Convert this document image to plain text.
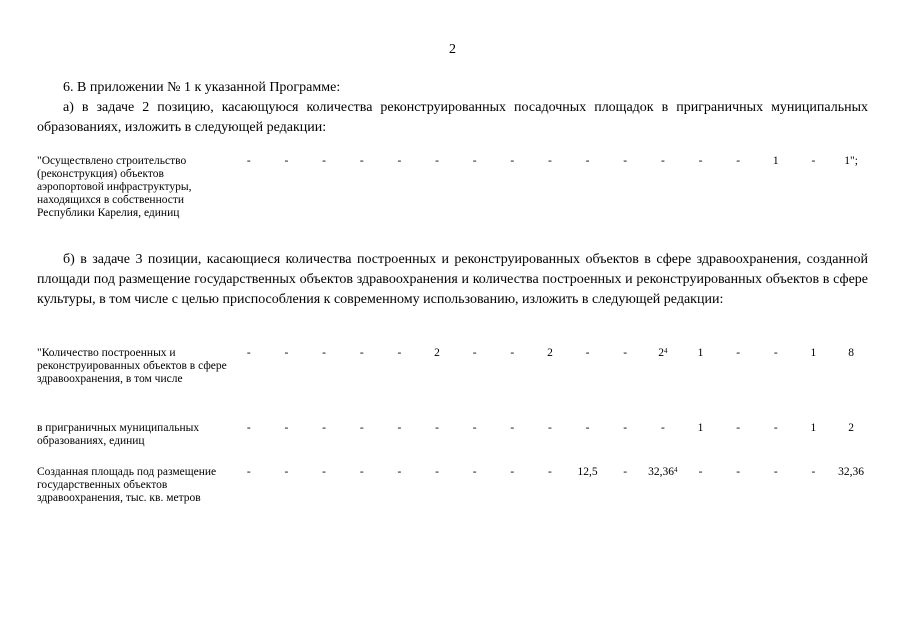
2
6. В приложении № 1 к указанной Программе:
а) в задаче 2 позицию, касающуюся количества реконструированных посадочных площадок в приграничных муниципальных образованиях, изложить в следующей редакции:
б) в задаче 3 позиции, касающиеся количества построенных и реконструированных объектов в сфере здравоохранения, созданной площади под размещение государственных объектов здравоохранения и количества построенных и реконструированных объектов в сфере культуры, в том числе с целью приспособления к современному использованию, изложить в следующей редакции:
"Осуществлено строительство (реконструкция) объектов аэропортовой инфраструктуры, находящихся в собственности Республики Карелия, единиц
-	-	-	-	-	-	-	-	-	-	-	-	-	-	1	-	1";
"Количество построенных и реконструированных объектов в сфере здравоохранения, в том числе
-	-	-	-	-	2	-	-	2	-	-	$2^4$	1	-	-	1	8
в приграничных муниципальных образованиях, единиц
-	-	-	-	-	-	-	-	-	-	-	-	1	-	-	1	2
Созданная площадь под размещение государственных объектов здравоохранения, тыс. кв. метров
-	-	-	-	-	-	-	-	-	12,5	-	32,36$^4$	-	-	-	-	32,36
